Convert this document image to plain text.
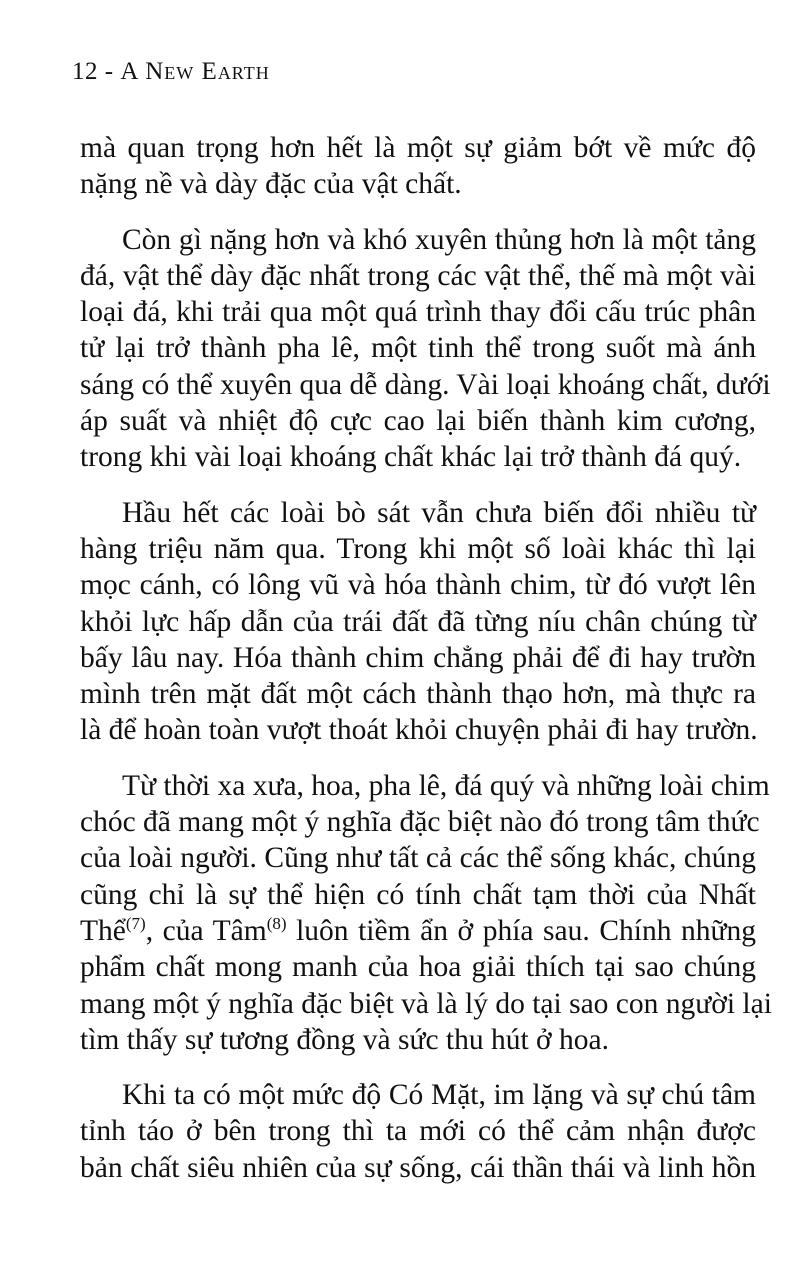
12 - A New Earth
mà quan trọng hơn hết là một sự giảm bớt về mức độ
nặng nề và dày đặc của vật chất.
Còn gì nặng hơn và khó xuyên thủng hơn là một tảng
đá, vật thể dày đặc nhất trong các vật thể, thế mà một vài
loại đá, khi trải qua một quá trình thay đổi cấu trúc phân
tử lại trở thành pha lê, một tinh thể trong suốt mà ánh
sáng có thể xuyên qua dễ dàng. Vài loại khoáng chất, dưới
áp suất và nhiệt độ cực cao lại biến thành kim cương,
trong khi vài loại khoáng chất khác lại trở thành đá quý.
Hầu hết các loài bò sát vẫn chưa biến đổi nhiều từ
hàng triệu năm qua. Trong khi một số loài khác thì lại
mọc cánh, có lông vũ và hóa thành chim, từ đó vượt lên
khỏi lực hấp dẫn của trái đất đã từng níu chân chúng từ
bấy lâu nay. Hóa thành chim chẳng phải để đi hay trườn
mình trên mặt đất một cách thành thạo hơn, mà thực ra
là để hoàn toàn vượt thoát khỏi chuyện phải đi hay trườn.
Từ thời xa xưa, hoa, pha lê, đá quý và những loài chim
chóc đã mang một ý nghĩa đặc biệt nào đó trong tâm thức
của loài người. Cũng như tất cả các thể sống khác, chúng
cũng chỉ là sự thể hiện có tính chất tạm thời của Nhất
Thể$^{(7)}$, của Tâm$^{(8)}$ luôn tiềm ẩn ở phía sau. Chính những
phẩm chất mong manh của hoa giải thích tại sao chúng
mang một ý nghĩa đặc biệt và là lý do tại sao con người lại
tìm thấy sự tương đồng và sức thu hút ở hoa.
Khi ta có một mức độ Có Mặt, im lặng và sự chú tâm
tỉnh táo ở bên trong thì ta mới có thể cảm nhận được
bản chất siêu nhiên của sự sống, cái thần thái và linh hồn
